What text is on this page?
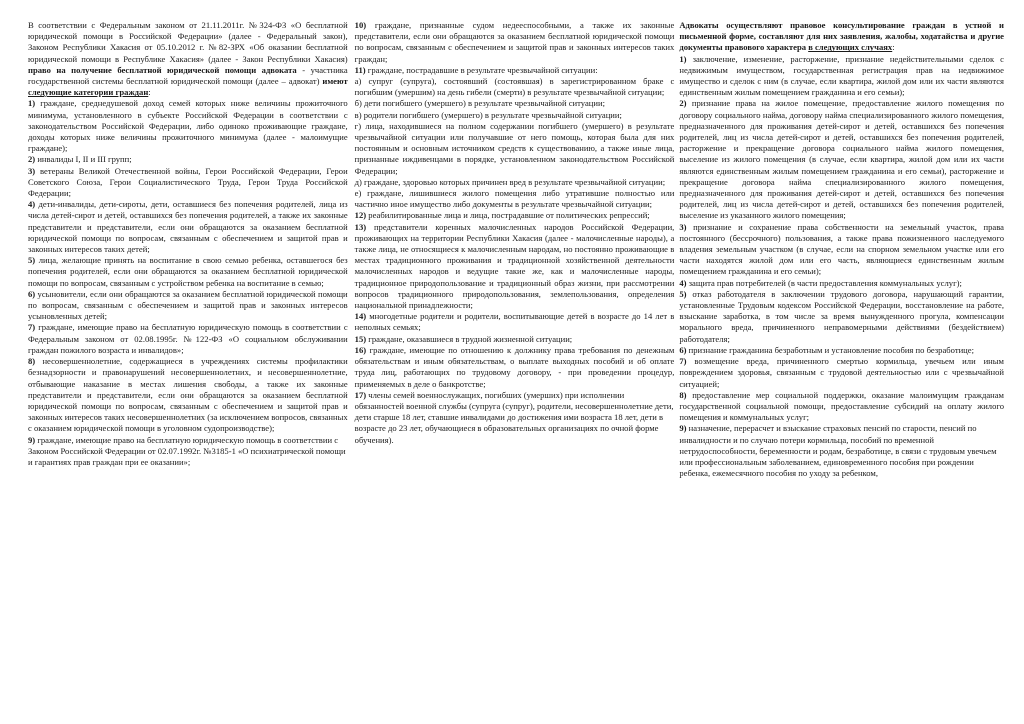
В соответствии с Федеральным законом от 21.11.2011г. №324-ФЗ «О бесплатной юридической помощи в Российской Федерации» (далее - Федеральный закон), Законом Республики Хакасия от 05.10.2012 г. №82-ЗРХ «Об оказании бесплатной юридической помощи в Республике Хакасия» (далее - Закон Республики Хакасия) право на получение бесплатной юридической помощи адвоката - участника государственной системы бесплатной юридической помощи (далее – адвокат) имеют следующие категории граждан:

1) граждане, среднедушевой доход семей которых ниже величины прожиточного минимума, установленного в субъекте Российской Федерации в соответствии с законодательством Российской Федерации, либо одиноко проживающие граждане, доходы которых ниже величины прожиточного минимума (далее - малоимущие граждане);

2) инвалиды I, II и III групп;

3) ветераны Великой Отечественной войны, Герои Российской Федерации, Герои Советского Союза, Герои Социалистического Труда, Герои Труда Российской Федерации;

4) дети-инвалиды, дети-сироты, дети, оставшиеся без попечения родителей, лица из числа детей-сирот и детей, оставшихся без попечения родителей, а также их законные представители и представители, если они обращаются за оказанием бесплатной юридической помощи по вопросам, связанным с обеспечением и защитой прав и законных интересов таких детей;

5) лица, желающие принять на воспитание в свою семью ребенка, оставшегося без попечения родителей, если они обращаются за оказанием бесплатной юридической помощи по вопросам, связанным с устройством ребенка на воспитание в семью;

6) усыновители, если они обращаются за оказанием бесплатной юридической помощи по вопросам, связанным с обеспечением и защитой прав и законных интересов усыновленных детей;

7) граждане, имеющие право на бесплатную юридическую помощь в соответствии с Федеральным законом от 02.08.1995г. №122-ФЗ «О социальном обслуживании граждан пожилого возраста и инвалидов»;

8) несовершеннолетние, содержащиеся в учреждениях системы профилактики безнадзорности и правонарушений несовершеннолетних, и несовершеннолетние, отбывающие наказание в местах лишения свободы, а также их законные представители и представители, если они обращаются за оказанием бесплатной юридической помощи по вопросам, связанным с обеспечением и защитой прав и законных интересов таких несовершеннолетних (за исключением вопросов, связанных с оказанием юридической помощи в уголовном судопроизводстве);

9) граждане, имеющие право на бесплатную юридическую помощь в соответствии с Законом Российской Федерации от 02.07.1992г. №3185-1 «О психиатрической помощи и гарантиях прав граждан при ее оказании»;

10) граждане, признанные судом недееспособными, а также их законные представители, если они обращаются за оказанием бесплатной юридической помощи по вопросам, связанным с обеспечением и защитой прав и законных интересов таких граждан;

11) граждане, пострадавшие в результате чрезвычайной ситуации:

а) супруг (супруга), состоявший (состоявшая) в зарегистрированном браке с погибшим (умершим) на день гибели (смерти) в результате чрезвычайной ситуации;

б) дети погибшего (умершего) в результате чрезвычайной ситуации;

в) родители погибшего (умершего) в результате чрезвычайной ситуации;

г) лица, находившиеся на полном содержании погибшего (умершего) в результате чрезвычайной ситуации или получавшие от него помощь, которая была для них постоянным и основным источником средств к существованию, а также иные лица, признанные иждивенцами в порядке, установленном законодательством Российской Федерации;

д) граждане, здоровью которых причинен вред в результате чрезвычайной ситуации;

е) граждане, лишившиеся жилого помещения либо утратившие полностью или частично иное имущество либо документы в результате чрезвычайной ситуации;

12) реабилитированные лица и лица, пострадавшие от политических репрессий;

13) представители коренных малочисленных народов Российской Федерации, проживающих на территории Республики Хакасия (далее - малочисленные народы), а также лица, не относящиеся к малочисленным народам, но постоянно проживающие в местах традиционного проживания и традиционной хозяйственной деятельности малочисленных народов и ведущие такие же, как и малочисленные народы, традиционное природопользование и традиционный образ жизни, при рассмотрении вопросов традиционного природопользования, землепользования, определения национальной принадлежности;

14) многодетные родители и родители, воспитывающие детей в возрасте до 14 лет в неполных семьях;

15) граждане, оказавшиеся в трудной жизненной ситуации;

16) граждане, имеющие по отношению к должнику права требования по денежным обязательствам и иным обязательствам, о выплате выходных пособий и об оплате труда лиц, работающих по трудовому договору, - при проведении процедур, применяемых в деле о банкротстве;

17) члены семей военнослужащих, погибших (умерших) при исполнении обязанностей военной службы (супруга (супруг), родители, несовершеннолетние дети, дети старше 18 лет, ставшие инвалидами до достижения ими возраста 18 лет, дети в возрасте до 23 лет, обучающиеся в образовательных организациях по очной форме обучения).

Адвокаты осуществляют правовое консультирование граждан в устной и письменной форме, составляют для них заявления, жалобы, ходатайства и другие документы правового характера в следующих случаях:

1) заключение, изменение, расторжение, признание недействительными сделок с недвижимым имуществом, государственная регистрация прав на недвижимое имущество и сделок с ним (в случае, если квартира, жилой дом или их части являются единственным жилым помещением гражданина и его семьи);

2) признание права на жилое помещение, предоставление жилого помещения по договору социального найма, договору найма специализированного жилого помещения, предназначенного для проживания детей-сирот и детей, оставшихся без попечения родителей, лиц из числа детей-сирот и детей, оставшихся без попечения родителей, расторжение и прекращение договора социального найма жилого помещения, выселение из жилого помещения (в случае, если квартира, жилой дом или их части являются единственным жилым помещением гражданина и его семьи), расторжение и прекращение договора найма специализированного жилого помещения, предназначенного для проживания детей-сирот и детей, оставшихся без попечения родителей, лиц из числа детей-сирот и детей, оставшихся без попечения родителей, выселение из указанного жилого помещения;

3) признание и сохранение права собственности на земельный участок, права постоянного (бессрочного) пользования, а также права пожизненного наследуемого владения земельным участком (в случае, если на спорном земельном участке или его части находятся жилой дом или его часть, являющиеся единственным жилым помещением гражданина и его семьи);

4) защита прав потребителей (в части предоставления коммунальных услуг);

5) отказ работодателя в заключении трудового договора, нарушающий гарантии, установленные Трудовым кодексом Российской Федерации, восстановление на работе, взыскание заработка, в том числе за время вынужденного прогула, компенсации морального вреда, причиненного неправомерными действиями (бездействием) работодателя;

6) признание гражданина безработным и установление пособия по безработице;

7) возмещение вреда, причиненного смертью кормильца, увечьем или иным повреждением здоровья, связанным с трудовой деятельностью или с чрезвычайной ситуацией;

8) предоставление мер социальной поддержки, оказание малоимущим гражданам государственной социальной помощи, предоставление субсидий на оплату жилого помещения и коммунальных услуг;

9) назначение, перерасчет и взыскание страховых пенсий по старости, пенсий по инвалидности и по случаю потери кормильца, пособий по временной нетрудоспособности, беременности и родам, безработице, в связи с трудовым увечьем или профессиональным заболеванием, единовременного пособия при рождении ребенка, ежемесячного пособия по уходу за ребенком,
